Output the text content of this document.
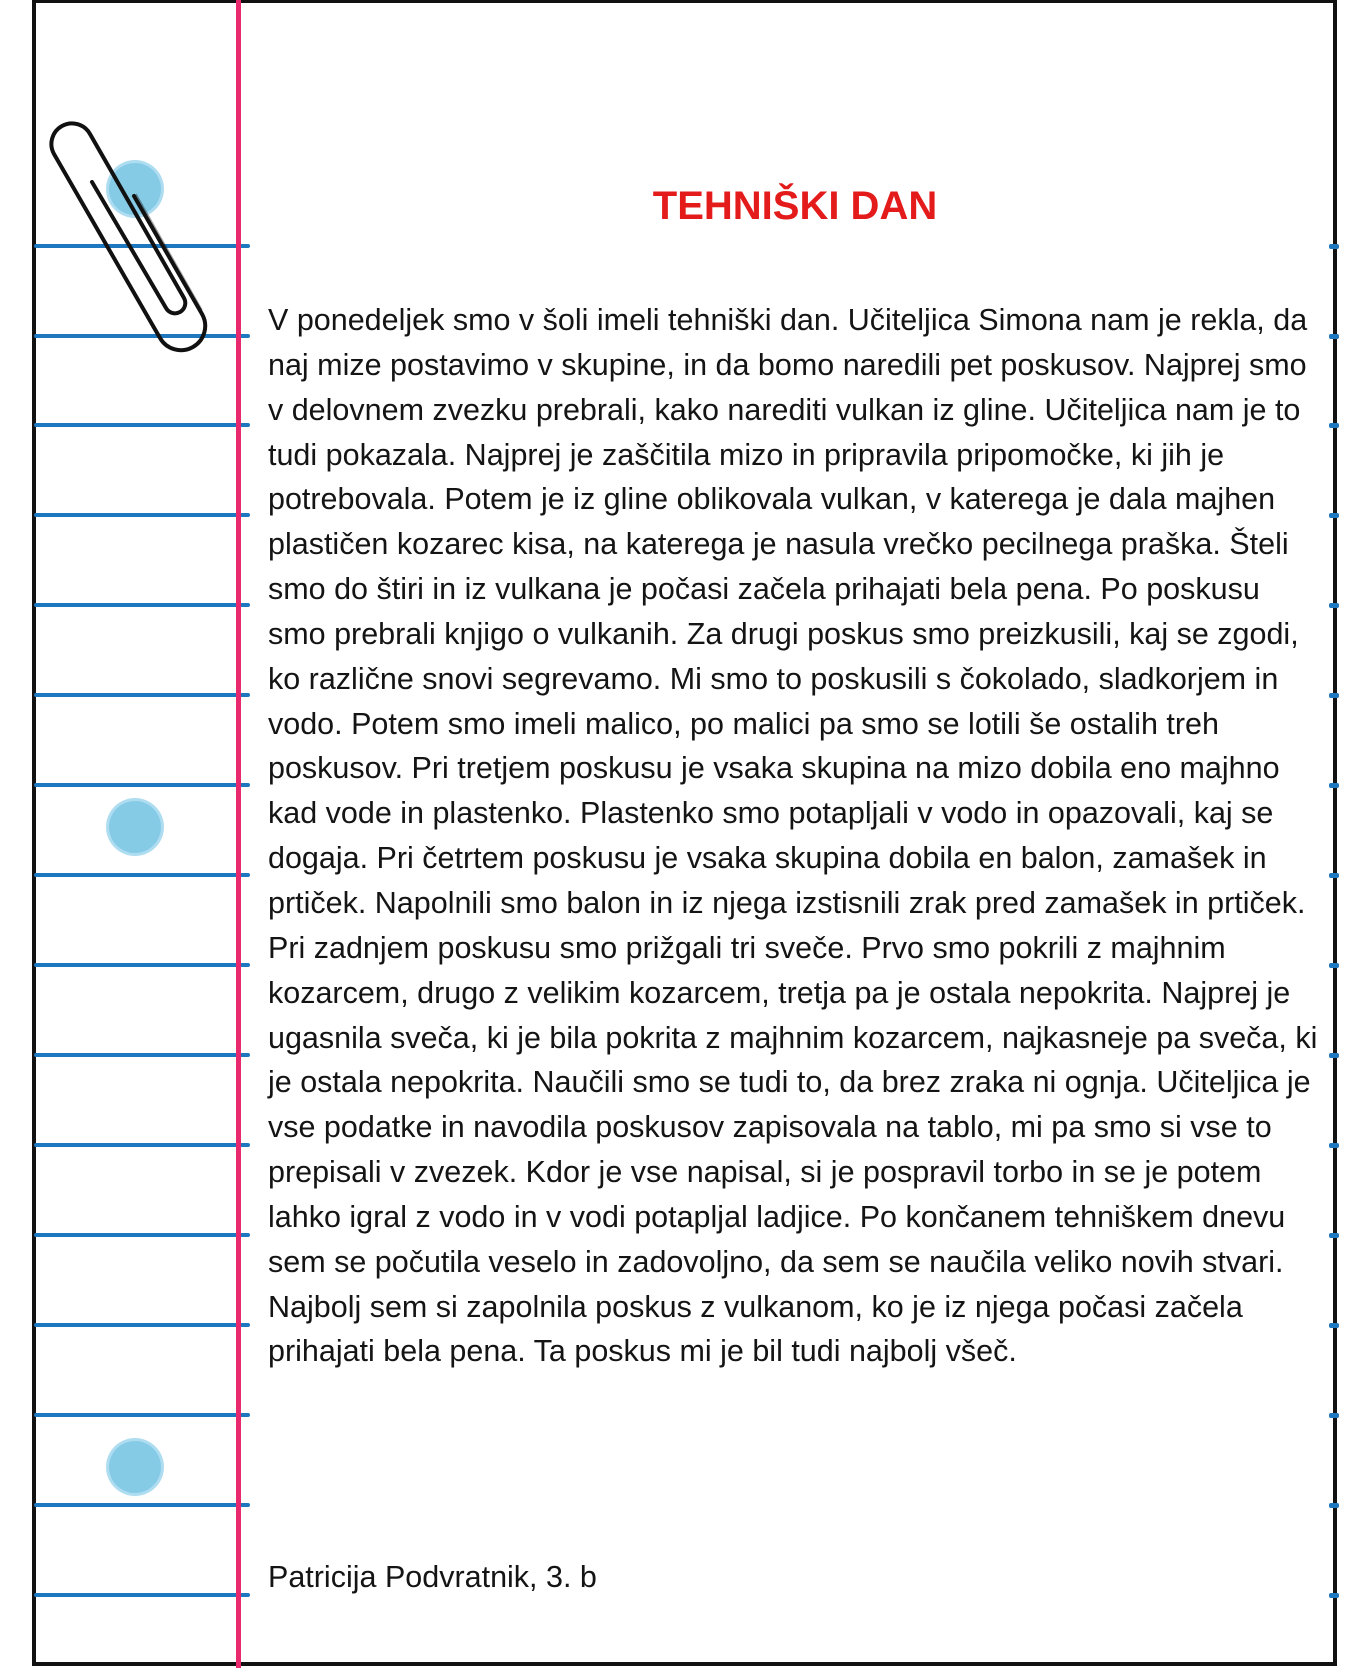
TEHNIŠKI DAN

V ponedeljek smo v šoli imeli tehniški dan. Učiteljica Simona nam je rekla, da naj mize postavimo v skupine, in da bomo naredili pet poskusov. Najprej smo v delovnem zvezku prebrali, kako narediti vulkan iz gline. Učiteljica nam je to tudi pokazala. Najprej je zaščitila mizo in pripravila pripomočke, ki jih je potrebovala. Potem je iz gline oblikovala vulkan, v katerega je dala majhen plastičen kozarec kisa, na katerega je nasula vrečko pecilnega praška. Šteli smo do štiri in iz vulkana je počasi začela prihajati bela pena. Po poskusu smo prebrali knjigo o vulkanih. Za drugi poskus smo preizkusili, kaj se zgodi, ko različne snovi segrevamo. Mi smo to poskusili s čokolado, sladkorjem in vodo. Potem smo imeli malico, po malici pa smo se lotili še ostalih treh poskusov. Pri tretjem poskusu je vsaka skupina na mizo dobila eno majhno kad vode in plastenko. Plastenko smo potapljali v vodo in opazovali, kaj se dogaja. Pri četrtem poskusu je vsaka skupina dobila en balon, zamašek in prtiček. Napolnili smo balon in iz njega izstisnili zrak pred zamašek in prtiček. Pri zadnjem poskusu smo prižgali tri sveče. Prvo smo pokrili z majhnim kozarcem, drugo z velikim kozarcem, tretja pa je ostala nepokrita. Najprej je ugasnila sveča, ki je bila pokrita z majhnim kozarcem, najkasneje pa sveča, ki je ostala nepokrita. Naučili smo se tudi to, da brez zraka ni ognja. Učiteljica je vse podatke in navodila poskusov zapisovala na tablo, mi pa smo si vse to prepisali v zvezek. Kdor je vse napisal, si je pospravil torbo in se je potem lahko igral z vodo in v vodi potapljal ladjice. Po končanem tehniškem dnevu sem se počutila veselo in zadovoljno, da sem se naučila veliko novih stvari. Najbolj sem si zapolnila poskus z vulkanom, ko je iz njega počasi začela prihajati bela pena. Ta poskus mi je bil tudi najbolj všeč.

Patricija Podvratnik, 3. b
